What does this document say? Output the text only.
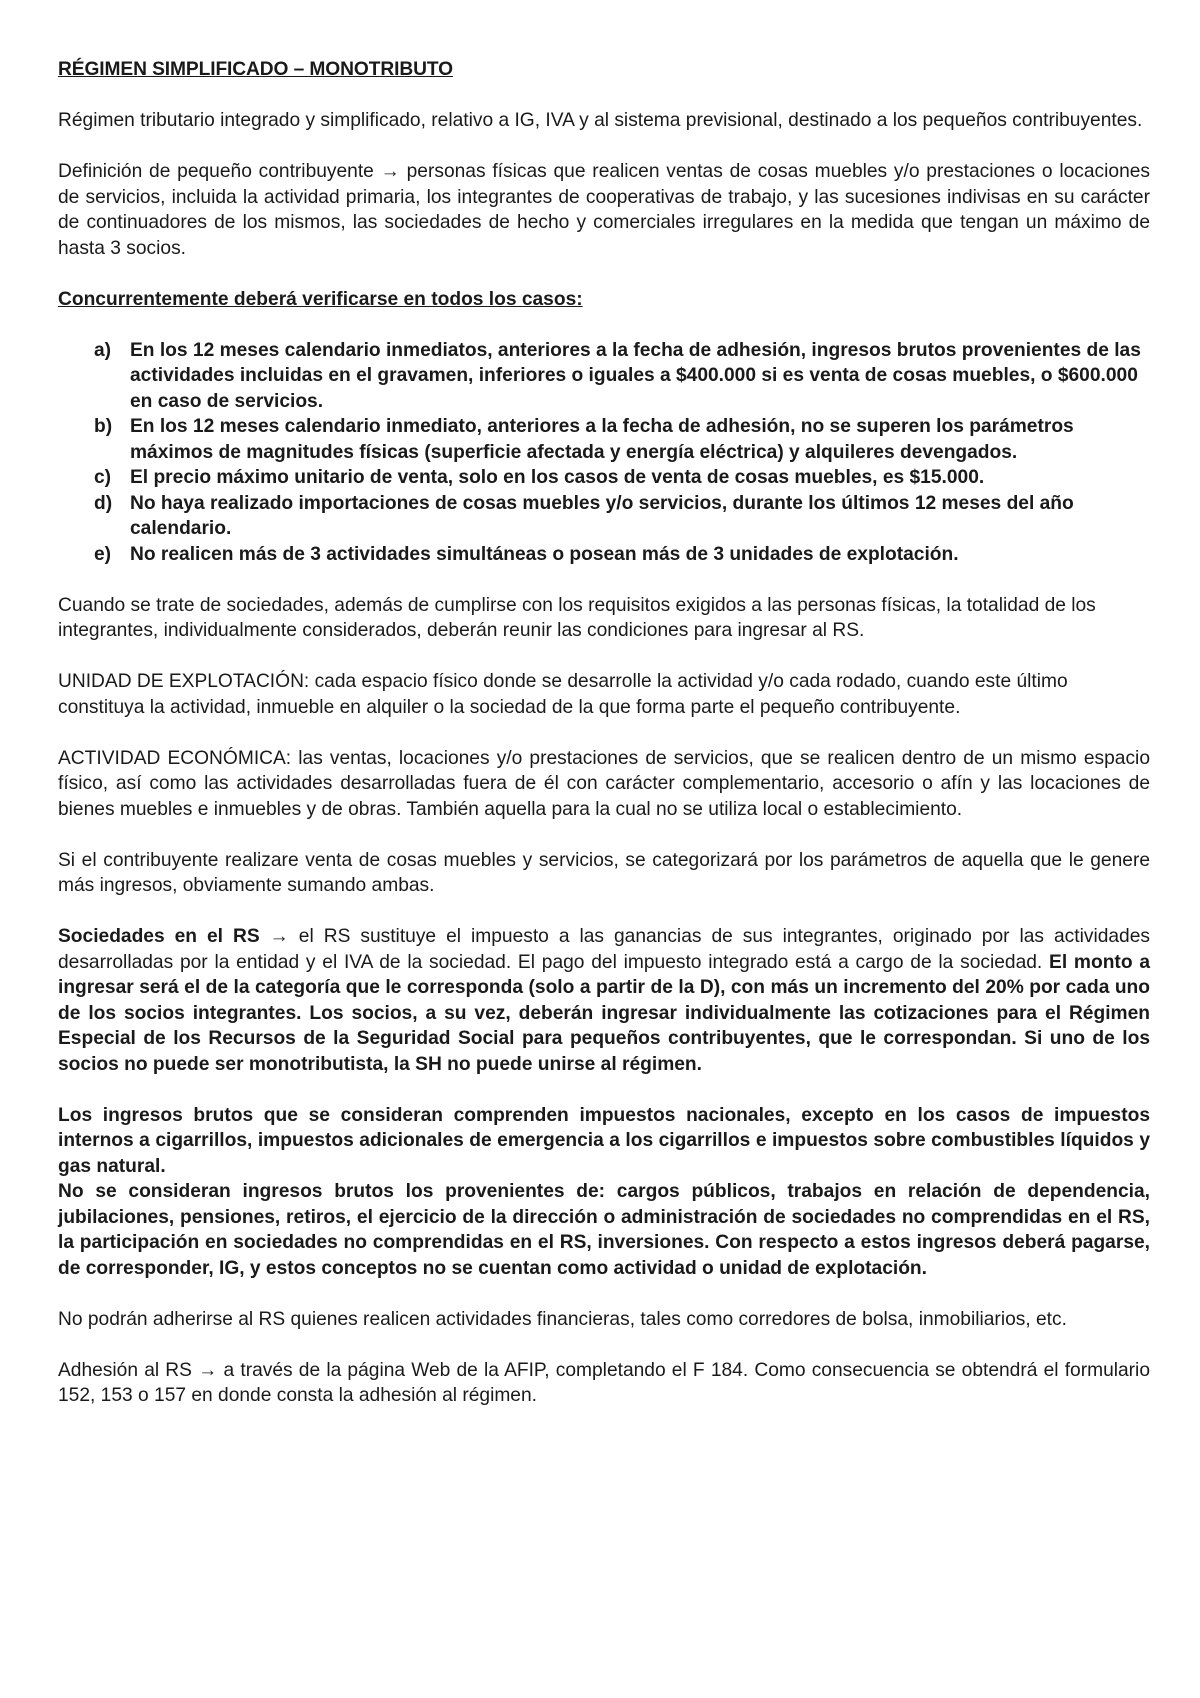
RÉGIMEN SIMPLIFICADO – MONOTRIBUTO

Régimen tributario integrado y simplificado, relativo a IG, IVA y al sistema previsional, destinado a los pequeños contribuyentes.

Definición de pequeño contribuyente → personas físicas que realicen ventas de cosas muebles y/o prestaciones o locaciones de servicios, incluida la actividad primaria, los integrantes de cooperativas de trabajo, y las sucesiones indivisas en su carácter de continuadores de los mismos, las sociedades de hecho y comerciales irregulares en la medida que tengan un máximo de hasta 3 socios.

Concurrentemente deberá verificarse en todos los casos:

a) En los 12 meses calendario inmediatos, anteriores a la fecha de adhesión, ingresos brutos provenientes de las actividades incluidas en el gravamen, inferiores o iguales a $400.000 si es venta de cosas muebles, o $600.000 en caso de servicios.
b) En los 12 meses calendario inmediato, anteriores a la fecha de adhesión, no se superen los parámetros máximos de magnitudes físicas (superficie afectada y energía eléctrica) y alquileres devengados.
c) El precio máximo unitario de venta, solo en los casos de venta de cosas muebles, es $15.000.
d) No haya realizado importaciones de cosas muebles y/o servicios, durante los últimos 12 meses del año calendario.
e) No realicen más de 3 actividades simultáneas o posean más de 3 unidades de explotación.

Cuando se trate de sociedades, además de cumplirse con los requisitos exigidos a las personas físicas, la totalidad de los integrantes, individualmente considerados, deberán reunir las condiciones para ingresar al RS.

UNIDAD DE EXPLOTACIÓN: cada espacio físico donde se desarrolle la actividad y/o cada rodado, cuando este último constituya la actividad, inmueble en alquiler o la sociedad de la que forma parte el pequeño contribuyente.

ACTIVIDAD ECONÓMICA: las ventas, locaciones y/o prestaciones de servicios, que se realicen dentro de un mismo espacio físico, así como las actividades desarrolladas fuera de él con carácter complementario, accesorio o afín y las locaciones de bienes muebles e inmuebles y de obras. También aquella para la cual no se utiliza local o establecimiento.

Si el contribuyente realizare venta de cosas muebles y servicios, se categorizará por los parámetros de aquella que le genere más ingresos, obviamente sumando ambas.

Sociedades en el RS → el RS sustituye el impuesto a las ganancias de sus integrantes, originado por las actividades desarrolladas por la entidad y el IVA de la sociedad. El pago del impuesto integrado está a cargo de la sociedad. El monto a ingresar será el de la categoría que le corresponda (solo a partir de la D), con más un incremento del 20% por cada uno de los socios integrantes. Los socios, a su vez, deberán ingresar individualmente las cotizaciones para el Régimen Especial de los Recursos de la Seguridad Social para pequeños contribuyentes, que le correspondan. Si uno de los socios no puede ser monotributista, la SH no puede unirse al régimen.

Los ingresos brutos que se consideran comprenden impuestos nacionales, excepto en los casos de impuestos internos a cigarrillos, impuestos adicionales de emergencia a los cigarrillos e impuestos sobre combustibles líquidos y gas natural.

No se consideran ingresos brutos los provenientes de: cargos públicos, trabajos en relación de dependencia, jubilaciones, pensiones, retiros, el ejercicio de la dirección o administración de sociedades no comprendidas en el RS, la participación en sociedades no comprendidas en el RS, inversiones. Con respecto a estos ingresos deberá pagarse, de corresponder, IG, y estos conceptos no se cuentan como actividad o unidad de explotación.

No podrán adherirse al RS quienes realicen actividades financieras, tales como corredores de bolsa, inmobiliarios, etc.

Adhesión al RS → a través de la página Web de la AFIP, completando el F 184. Como consecuencia se obtendrá el formulario 152, 153 o 157 en donde consta la adhesión al régimen.
